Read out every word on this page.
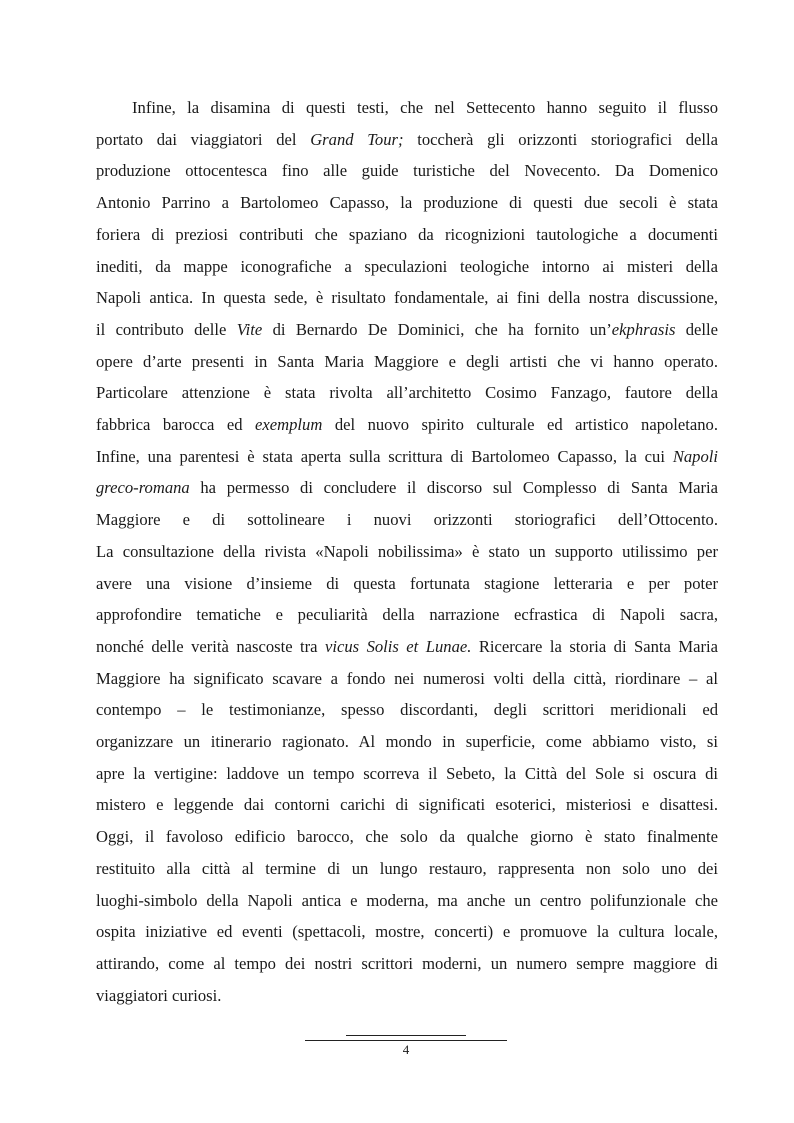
Infine, la disamina di questi testi, che nel Settecento hanno seguito il flusso
portato dai viaggiatori del Grand Tour; toccherà gli orizzonti storiografici della
produzione ottocentesca fino alle guide turistiche del Novecento. Da Domenico
Antonio Parrino a Bartolomeo Capasso, la produzione di questi due secoli è stata
foriera di preziosi contributi che spaziano da ricognizioni tautologiche a documenti
inediti, da mappe iconografiche a speculazioni teologiche intorno ai misteri della
Napoli antica. In questa sede, è risultato fondamentale, ai fini della nostra discussione,
il contributo delle Vite di Bernardo De Dominici, che ha fornito un’ekphrasis delle
opere d’arte presenti in Santa Maria Maggiore e degli artisti che vi hanno operato.
Particolare attenzione è stata rivolta all’architetto Cosimo Fanzago, fautore della
fabbrica barocca ed exemplum del nuovo spirito culturale ed artistico napoletano.
Infine, una parentesi è stata aperta sulla scrittura di Bartolomeo Capasso, la cui Napoli
greco-romana ha permesso di concludere il discorso sul Complesso di Santa Maria
Maggiore e di sottolineare i nuovi orizzonti storiografici dell’Ottocento.
La consultazione della rivista «Napoli nobilissima» è stato un supporto utilissimo per
avere una visione d’insieme di questa fortunata stagione letteraria e per poter
approfondire tematiche e peculiarità della narrazione ecfrastica di Napoli sacra,
nonché delle verità nascoste tra vicus Solis et Lunae. Ricercare la storia di Santa Maria
Maggiore ha significato scavare a fondo nei numerosi volti della città, riordinare – al
contempo – le testimonianze, spesso discordanti, degli scrittori meridionali ed
organizzare un itinerario ragionato. Al mondo in superficie, come abbiamo visto, si
apre la vertigine: laddove un tempo scorreva il Sebeto, la Città del Sole si oscura di
mistero e leggende dai contorni carichi di significati esoterici, misteriosi e disattesi.
Oggi, il favoloso edificio barocco, che solo da qualche giorno è stato finalmente
restituito alla città al termine di un lungo restauro, rappresenta non solo uno dei
luoghi-simbolo della Napoli antica e moderna, ma anche un centro polifunzionale che
ospita iniziative ed eventi (spettacoli, mostre, concerti) e promuove la cultura locale,
attirando, come al tempo dei nostri scrittori moderni, un numero sempre maggiore di
viaggiatori curiosi.
4
